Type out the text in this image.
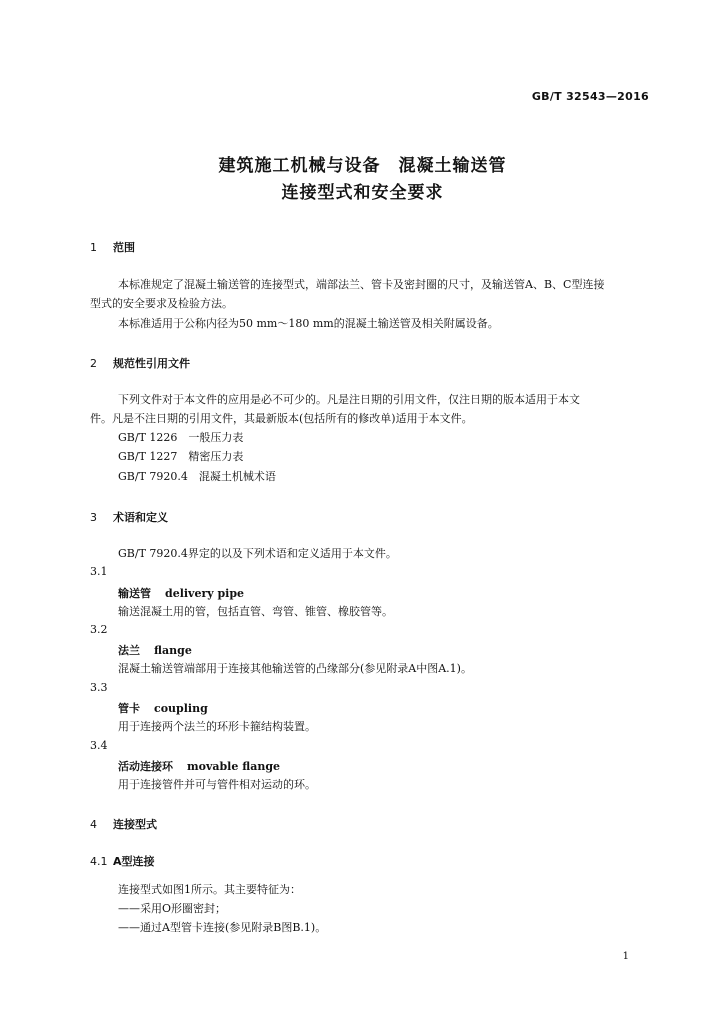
GB/T 32543—2016
建筑施工机械与设备　混凝土输送管
连接型式和安全要求
1 范围
本标准规定了混凝土输送管的连接型式，端部法兰、管卡及密封圈的尺寸，及输送管A、B、C型连接
型式的安全要求及检验方法。
本标准适用于公称内径为50 mm～180 mm的混凝土输送管及相关附属设备。
2 规范性引用文件
下列文件对于本文件的应用是必不可少的。凡是注日期的引用文件，仅注日期的版本适用于本文
件。凡是不注日期的引用文件，其最新版本(包括所有的修改单)适用于本文件。
GB/T 1226　一般压力表
GB/T 1227　精密压力表
GB/T 7920.4　混凝土机械术语
3 术语和定义
GB/T 7920.4界定的以及下列术语和定义适用于本文件。
3.1
输送管 delivery pipe
输送混凝土用的管，包括直管、弯管、锥管、橡胶管等。
3.2
法兰 flange
混凝土输送管端部用于连接其他输送管的凸缘部分(参见附录A中图A.1)。
3.3
管卡 coupling
用于连接两个法兰的环形卡箍结构装置。
3.4
活动连接环 movable flange
用于连接管件并可与管件相对运动的环。
4 连接型式
4.1 A型连接
连接型式如图1所示。其主要特征为：
——采用O形圈密封；
——通过A型管卡连接(参见附录B图B.1)。
1
